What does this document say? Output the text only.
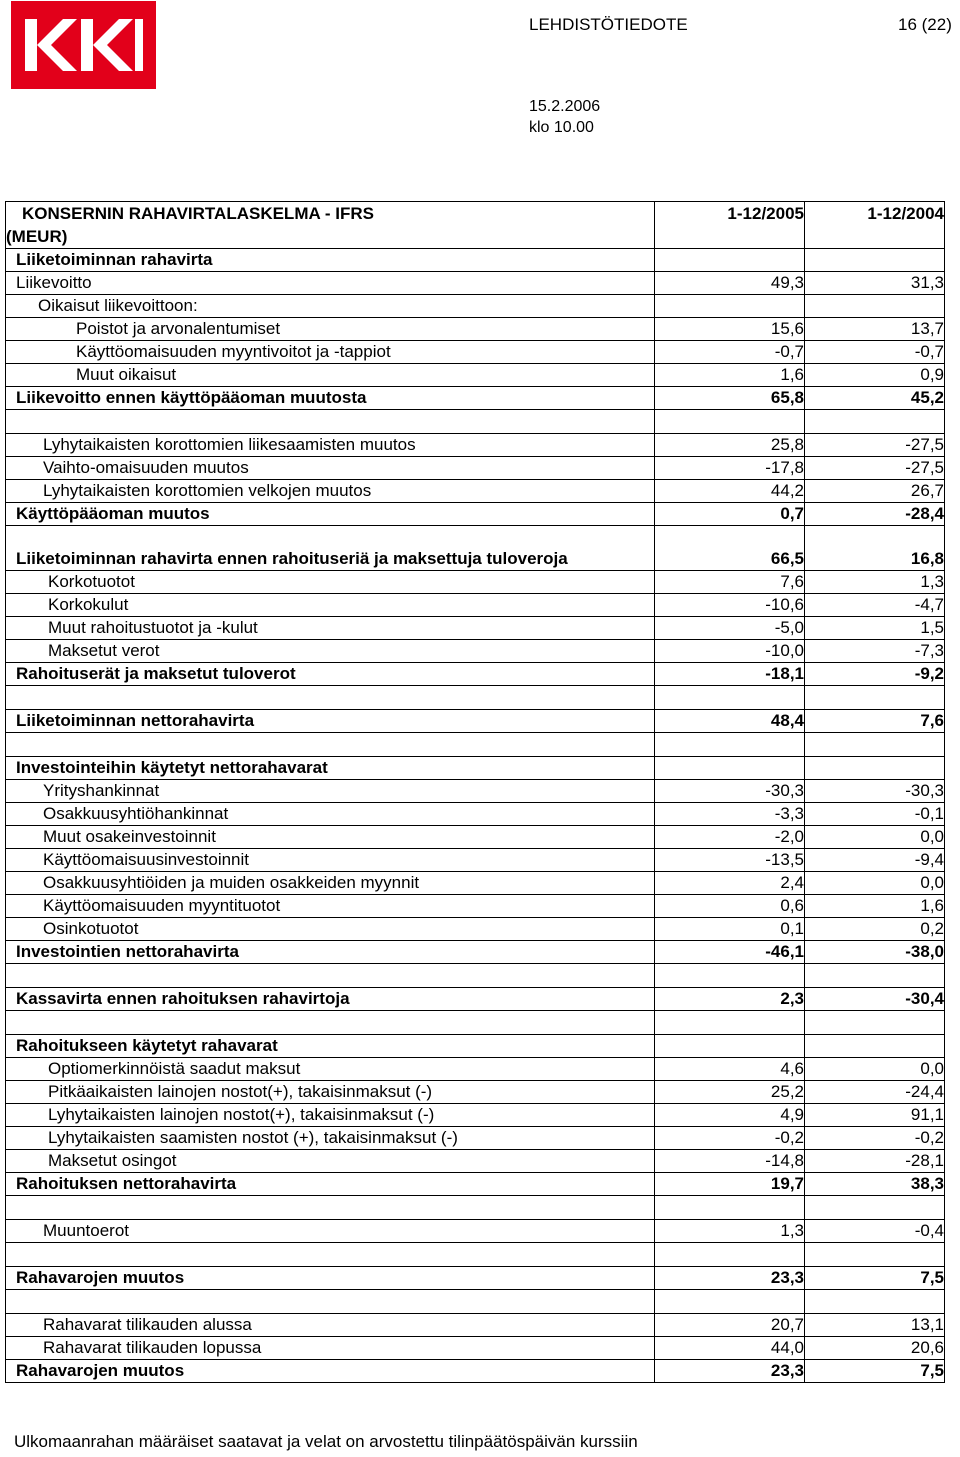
LEHDISTÖTIEDOTE	16 (22)
15.2.2006
klo 10.00
KONSERNIN RAHAVIRTALASKELMA - IFRS	1-12/2005	1-12/2004
(MEUR)		
Liiketoiminnan rahavirta		
Liikevoitto	49,3	31,3
Oikaisut liikevoittoon:		
Poistot ja arvonalentumiset	15,6	13,7
Käyttöomaisuuden myyntivoitot ja -tappiot	-0,7	-0,7
Muut oikaisut	1,6	0,9
Liikevoitto ennen käyttöpääoman muutosta	65,8	45,2

Lyhytaikaisten korottomien liikesaamisten muutos	25,8	-27,5
Vaihto-omaisuuden muutos	-17,8	-27,5
Lyhytaikaisten korottomien velkojen muutos	44,2	26,7
Käyttöpääoman muutos	0,7	-28,4
Liiketoiminnan rahavirta ennen rahoituseriä ja maksettuja tuloveroja	66,5	16,8
Korkotuotot	7,6	1,3
Korkokulut	-10,6	-4,7
Muut rahoitustuotot ja -kulut	-5,0	1,5
Maksetut verot	-10,0	-7,3
Rahoituserät ja maksetut tuloverot	-18,1	-9,2

Liiketoiminnan nettorahavirta	48,4	7,6

Investointeihin käytetyt nettorahavarat		
Yrityshankinnat	-30,3	-30,3
Osakkuusyhtiöhankinnat	-3,3	-0,1
Muut osakeinvestoinnit	-2,0	0,0
Käyttöomaisuusinvestoinnit	-13,5	-9,4
Osakkuusyhtiöiden ja muiden osakkeiden myynnit	2,4	0,0
Käyttöomaisuuden myyntituotot	0,6	1,6
Osinkotuotot	0,1	0,2
Investointien nettorahavirta	-46,1	-38,0

Kassavirta ennen rahoituksen rahavirtoja	2,3	-30,4

Rahoitukseen käytetyt rahavarat		
Optiomerkinnöistä saadut maksut	4,6	0,0
Pitkäaikaisten lainojen nostot(+), takaisinmaksut (-)	25,2	-24,4
Lyhytaikaisten lainojen nostot(+), takaisinmaksut (-)	4,9	91,1
Lyhytaikaisten saamisten nostot (+), takaisinmaksut (-)	-0,2	-0,2
Maksetut osingot	-14,8	-28,1
Rahoituksen nettorahavirta	19,7	38,3

Muuntoerot	1,3	-0,4

Rahavarojen muutos	23,3	7,5

Rahavarat tilikauden alussa	20,7	13,1
Rahavarat tilikauden lopussa	44,0	20,6
Rahavarojen muutos	23,3	7,5
Ulkomaanrahan määräiset saatavat ja velat on arvostettu tilinpäätöspäivän kurssiin
